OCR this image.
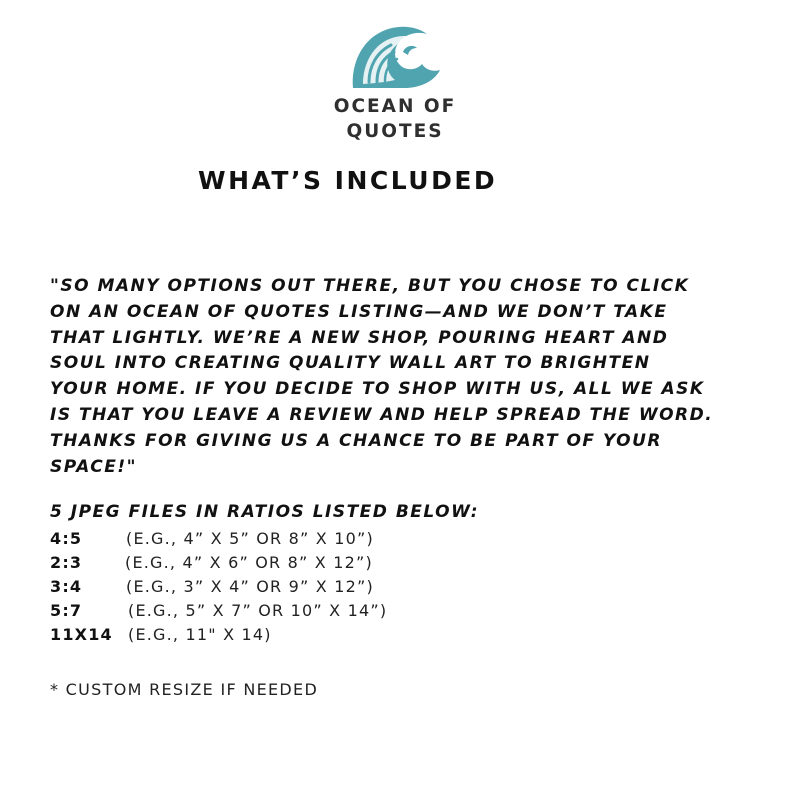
OCEAN OF
QUOTES
WHAT’S INCLUDED
"SO MANY OPTIONS OUT THERE, BUT YOU CHOSE TO CLICK
ON AN OCEAN OF QUOTES LISTING—AND WE DON’T TAKE
THAT LIGHTLY. WE’RE A NEW SHOP, POURING HEART AND
SOUL INTO CREATING QUALITY WALL ART TO BRIGHTEN
YOUR HOME. IF YOU DECIDE TO SHOP WITH US, ALL WE ASK
IS THAT YOU LEAVE A REVIEW AND HELP SPREAD THE WORD.
THANKS FOR GIVING US A CHANCE TO BE PART OF YOUR
SPACE!"
5 JPEG FILES IN RATIOS LISTED BELOW:
4:5	(E.G., 4” X 5” OR 8” X 10”)
2:3	(E.G., 4” X 6” OR 8” X 12”)
3:4	(E.G., 3” X 4” OR 9” X 12”)
5:7	(E.G., 5” X 7” OR 10” X 14”)
11X14 (E.G., 11" X 14)
* CUSTOM RESIZE IF NEEDED
